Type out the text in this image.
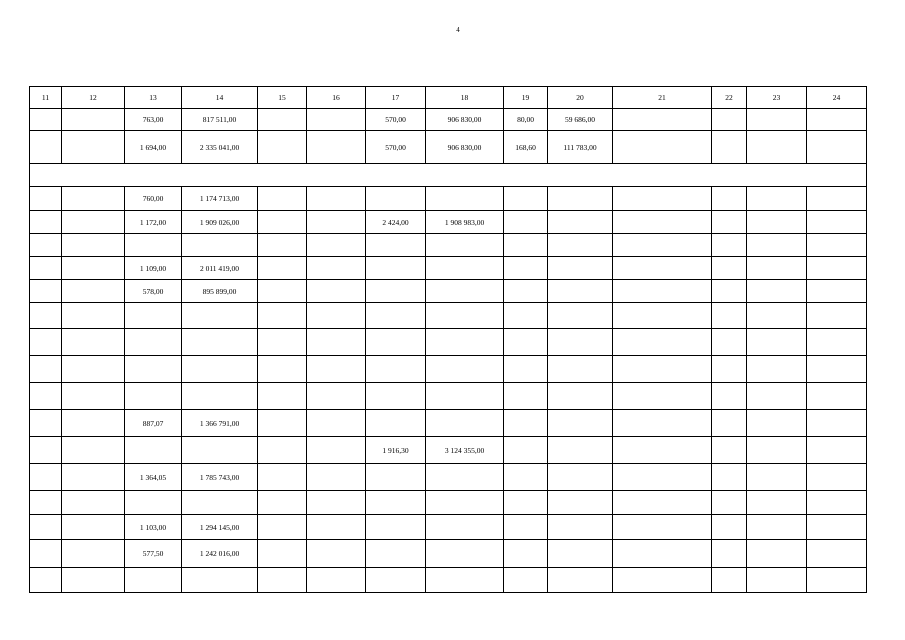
4
11	12	13	14	15	16	17	18	19	20	21	22	23	24
		763,00	817 511,00			570,00	906 830,00	80,00	59 686,00				
		1 694,00	2 335 041,00			570,00	906 830,00	168,60	111 783,00				

		760,00	1 174 713,00										
		1 172,00	1 909 026,00			2 424,00	1 908 983,00						

		1 109,00	2 011 419,00										
		578,00	895 899,00										

		887,07	1 366 791,00										
						1 916,30	3 124 355,00						
		1 364,05	1 785 743,00										

		1 103,00	1 294 145,00										
		577,50	1 242 016,00										
